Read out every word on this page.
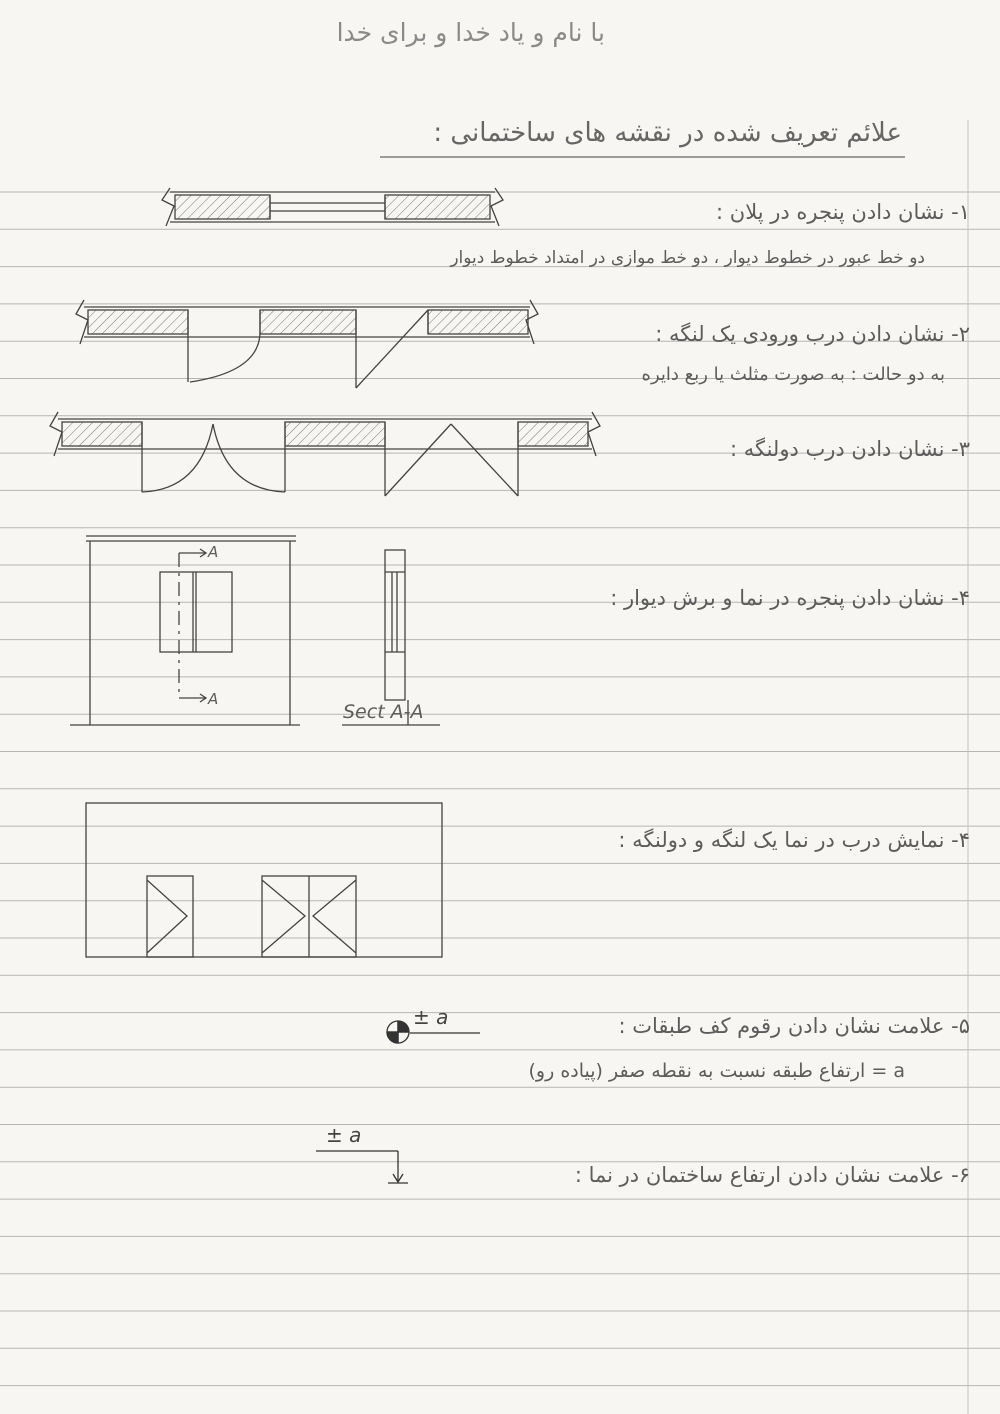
با نام و یاد خدا و برای خدا
علائم تعریف شده در نقشه های ساختمانی :
۱- نشان دادن پنجره در پلان :
دو خط عبور در خطوط دیوار ، دو خط موازی در امتداد خطوط دیوار
۲- نشان دادن درب ورودی یک لنگه :
به دو حالت : به صورت مثلث یا ربع دایره
۳- نشان دادن درب دولنگه :
۴- نشان دادن پنجره در نما و برش دیوار :
A
A
Sect A-A
۴- نمایش درب در نما یک لنگه و دولنگه :
۵- علامت نشان دادن رقوم کف طبقات :
± a
a = ارتفاع طبقه نسبت به نقطه صفر (پیاده رو)
± a
۶- علامت نشان دادن ارتفاع ساختمان در نما :
